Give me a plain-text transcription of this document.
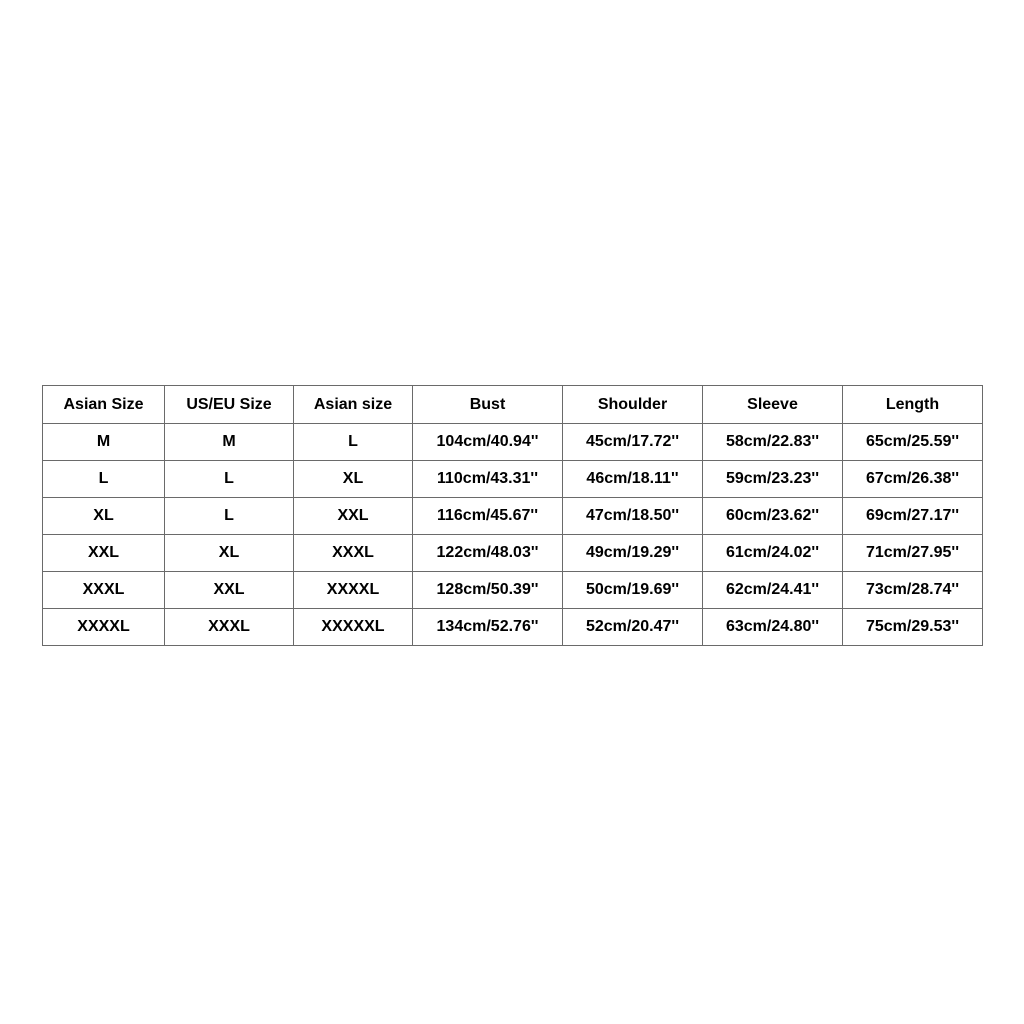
Asian Size	US/EU Size	Asian size	Bust	Shoulder	Sleeve	Length
M	M	L	104cm/40.94''	45cm/17.72''	58cm/22.83''	65cm/25.59''
L	L	XL	110cm/43.31''	46cm/18.11''	59cm/23.23''	67cm/26.38''
XL	L	XXL	116cm/45.67''	47cm/18.50''	60cm/23.62''	69cm/27.17''
XXL	XL	XXXL	122cm/48.03''	49cm/19.29''	61cm/24.02''	71cm/27.95''
XXXL	XXL	XXXXL	128cm/50.39''	50cm/19.69''	62cm/24.41''	73cm/28.74''
XXXXL	XXXL	XXXXXL	134cm/52.76''	52cm/20.47''	63cm/24.80''	75cm/29.53''
